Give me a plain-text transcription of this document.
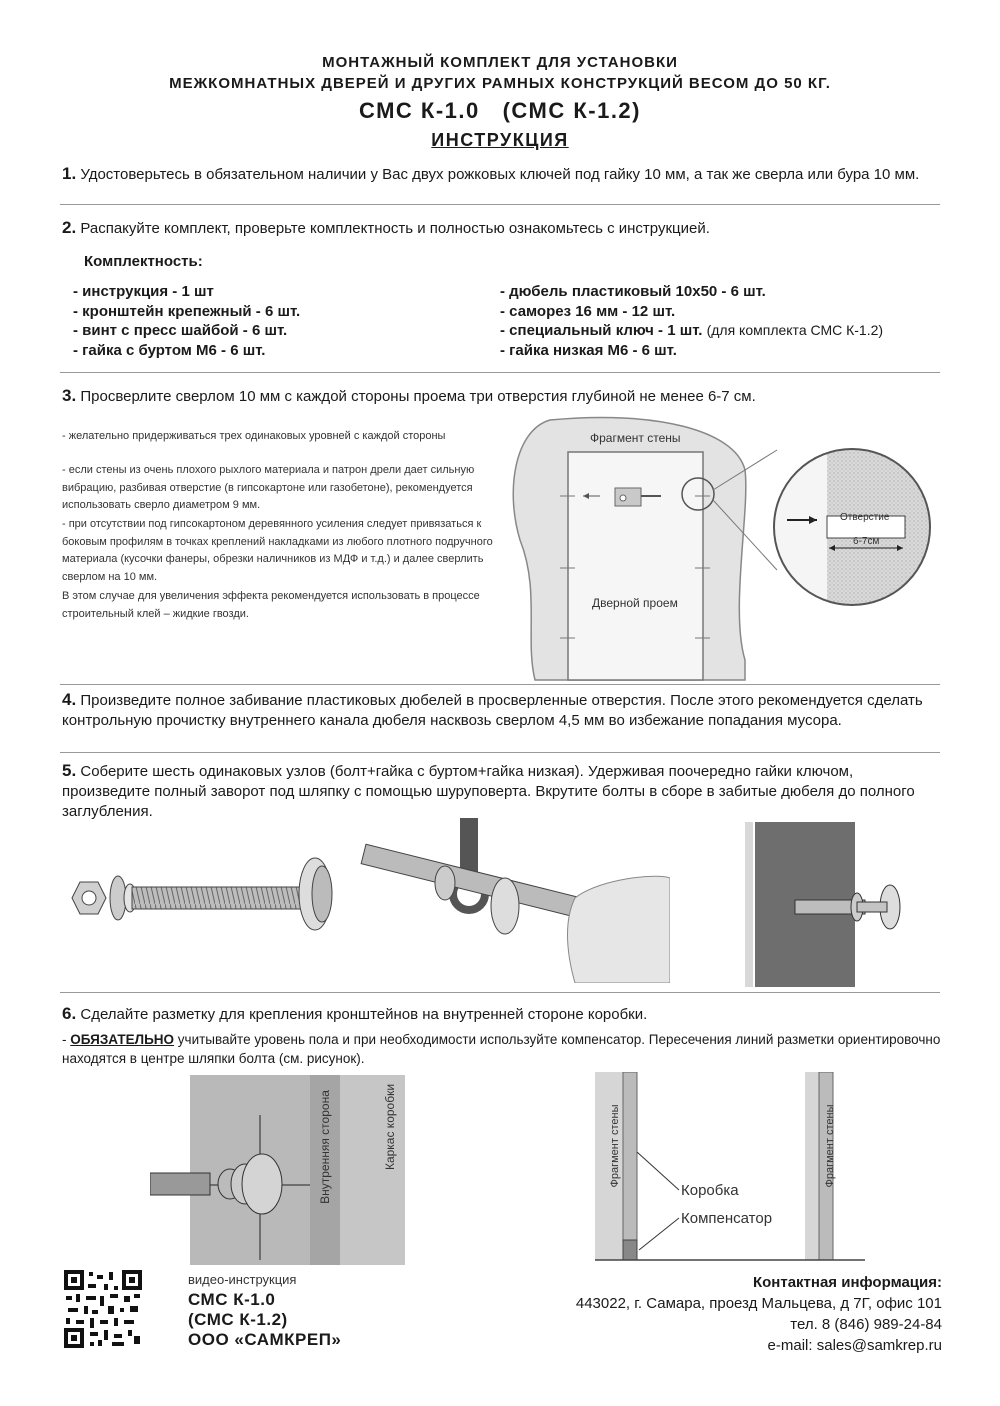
МОНТАЖНЫЙ КОМПЛЕКТ ДЛЯ УСТАНОВКИ
МЕЖКОМНАТНЫХ ДВЕРЕЙ И ДРУГИХ РАМНЫХ КОНСТРУКЦИЙ ВЕСОМ ДО 50 КГ.
СМС К-1.0   (СМС К-1.2)
ИНСТРУКЦИЯ
1. Удостоверьтесь в обязательном наличии у Вас двух рожковых ключей под гайку 10 мм, а так же сверла или бура 10 мм.
2. Распакуйте комплект, проверьте комплектность и полностью ознакомьтесь с инструкцией.
Комплектность:
- инструкция - 1 шт
- кронштейн крепежный - 6 шт.
- винт с пресс шайбой - 6 шт.
- гайка с буртом М6 - 6 шт.
- дюбель пластиковый 10х50 - 6 шт.
- саморез 16 мм - 12 шт.
- специальный ключ - 1 шт. (для комплекта СМС К-1.2)
- гайка низкая М6 - 6 шт.
3. Просверлите сверлом 10 мм с каждой стороны проема три отверстия глубиной не менее 6-7 см.
- желательно придерживаться трех одинаковых уровней с каждой стороны
- если стены из очень плохого рыхлого материала и патрон дрели дает сильную вибрацию, разбивая отверстие (в гипсокартоне или газобетоне), рекомендуется использовать сверло диаметром 9 мм.
- при отсутствии под гипсокартоном деревянного усиления следует привязаться к боковым профилям в точках креплений накладками из любого плотного подручного материала (кусочки фанеры, обрезки наличников из МДФ и т.д.) и далее сверлить сверлом на 10 мм.
В этом случае для увеличения эффекта рекомендуется использовать в процессе строительный клей – жидкие гвозди.
Фрагмент стены
Дверной проем
Отверстие
6-7см
4. Произведите полное забивание пластиковых дюбелей в просверленные отверстия. После этого рекомендуется сделать контрольную прочистку внутреннего канала дюбеля насквозь сверлом 4,5 мм во избежание попадания мусора.
5. Соберите шесть одинаковых узлов (болт+гайка с буртом+гайка низкая). Удерживая поочередно гайки ключом, произведите полный заворот под шляпку с помощью шуруповерта. Вкрутите болты в сборе в забитые дюбеля до полного заглубления.
6. Сделайте разметку для крепления кронштейнов на внутренней стороне коробки.
- ОБЯЗАТЕЛЬНО учитывайте уровень пола и при необходимости используйте компенсатор. Пересечения линий разметки ориентировочно находятся в центре шляпки болта (см. рисунок).
Внутренняя сторона	Каркас коробки	Фрагмент стены	Фрагмент стены
Коробка
Компенсатор
видео-инструкция
СМС К-1.0
(СМС К-1.2)
ООО «САМКРЕП»
Контактная информация:
443022, г. Самара, проезд Мальцева, д 7Г, офис 101
тел. 8 (846) 989-24-84
e-mail: sales@samkrep.ru
